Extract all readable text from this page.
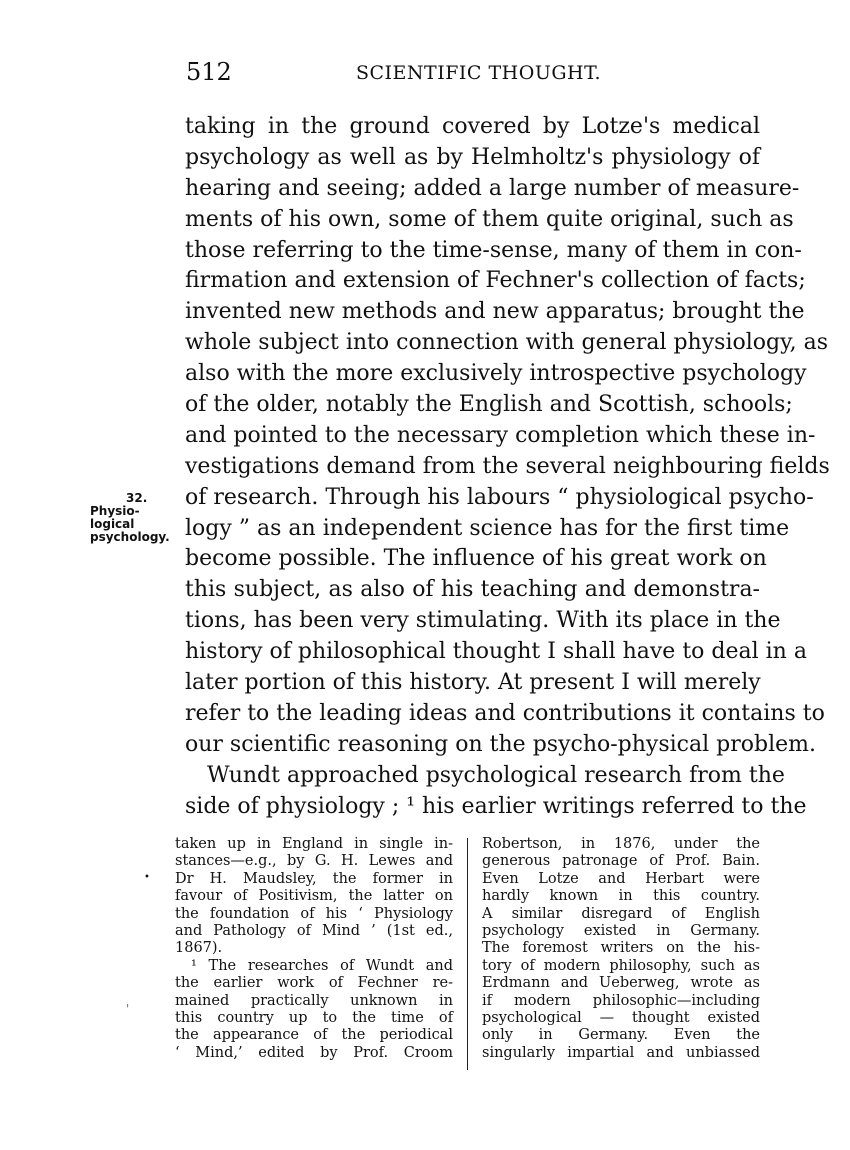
512	SCIENTIFIC THOUGHT.
32.
Physio-
logical
psychology.
taking in the ground covered by Lotze's medical
psychology as well as by Helmholtz's physiology of
hearing and seeing; added a large number of measure-
ments of his own, some of them quite original, such as
those referring to the time-sense, many of them in con-
firmation and extension of Fechner's collection of facts;
invented new methods and new apparatus; brought the
whole subject into connection with general physiology, as
also with the more exclusively introspective psychology
of the older, notably the English and Scottish, schools;
and pointed to the necessary completion which these in-
vestigations demand from the several neighbouring fields
of research. Through his labours “ physiological psycho-
logy ” as an independent science has for the first time
become possible. The influence of his great work on
this subject, as also of his teaching and demonstra-
tions, has been very stimulating. With its place in the
history of philosophical thought I shall have to deal in a
later portion of this history. At present I will merely
refer to the leading ideas and contributions it contains to
our scientific reasoning on the psycho-physical problem.
Wundt approached psychological research from the
side of physiology ; ¹ his earlier writings referred to the
•
'
taken up in England in single in-
stances—e.g., by G. H. Lewes and
Dr H. Maudsley, the former in
favour of Positivism, the latter on
the foundation of his ‘ Physiology
and Pathology of Mind ’ (1st ed.,
1867).
¹ The researches of Wundt and
the earlier work of Fechner re-
mained practically unknown in
this country up to the time of
the appearance of the periodical
‘ Mind,’ edited by Prof. Croom
Robertson, in 1876, under the
generous patronage of Prof. Bain.
Even Lotze and Herbart were
hardly known in this country.
A similar disregard of English
psychology existed in Germany.
The foremost writers on the his-
tory of modern philosophy, such as
Erdmann and Ueberweg, wrote as
if modern philosophic—including
psychological — thought existed
only in Germany. Even the
singularly impartial and unbiassed
